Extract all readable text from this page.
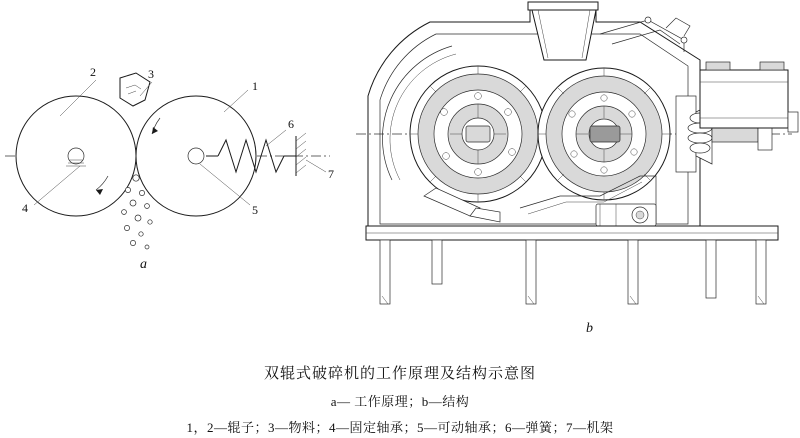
2	3
1
4	5
6
7
a
b
双辊式破碎机的工作原理及结构示意图
a— 工作原理；b—结构
1，2—辊子；3—物料；4—固定轴承；5—可动轴承；6—弹簧；7—机架
